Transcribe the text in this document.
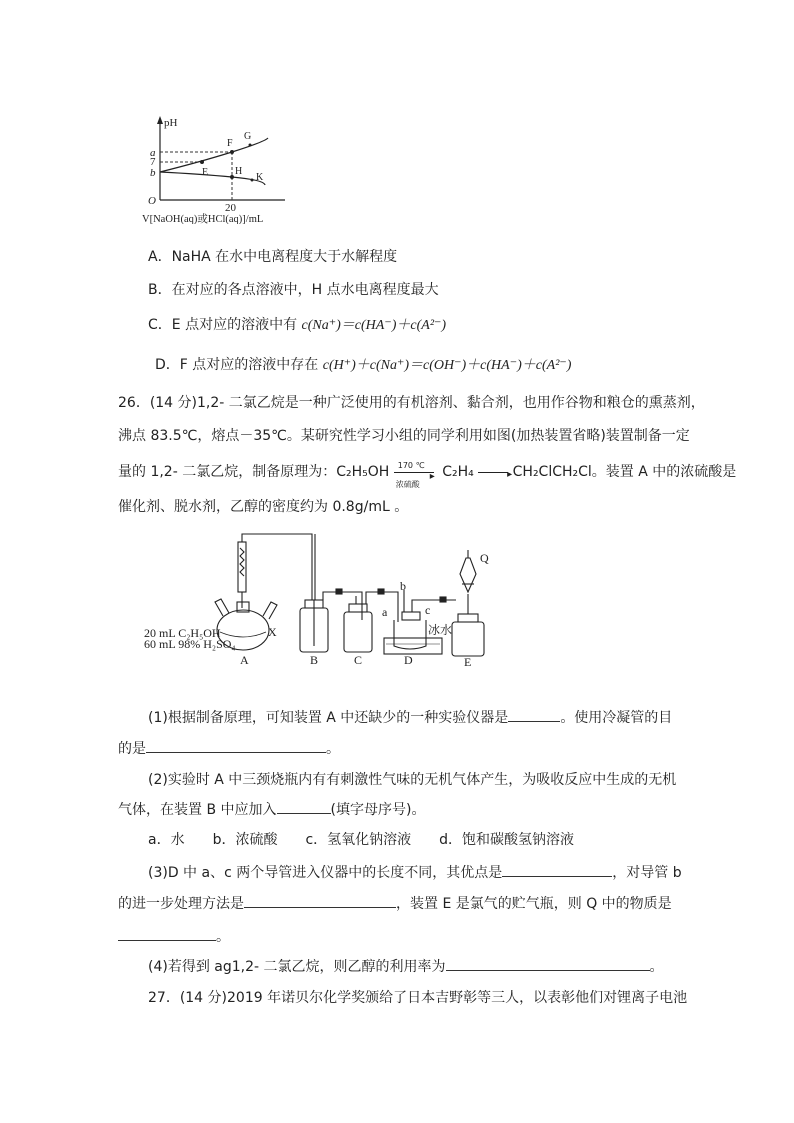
pH
a
7
b
O
20
E
F
G
H
K
V[NaOH(aq)或HCl(aq)]/mL
A．NaHA 在水中电离程度大于水解程度
B．在对应的各点溶液中，H 点水电离程度最大
C．E 点对应的溶液中有 c(Na⁺)＝c(HA⁻)＋c(A²⁻)
D．F 点对应的溶液中存在 c(H⁺)＋c(Na⁺)＝c(OH⁻)＋c(HA⁻)＋c(A²⁻)
26．(14 分)1,2- 二氯乙烷是一种广泛使用的有机溶剂、黏合剂，也用作谷物和粮仓的熏蒸剂，
沸点 83.5℃，熔点－35℃。某研究性学习小组的同学利用如图(加热装置省略)装置制备一定
量的 1,2- 二氯乙烷，制备原理为：C₂H₅OH 170 ℃
▸
浓硫酸
C₂H₄	▸ CH₂ClCH₂Cl。装置 A 中的浓硫酸是
催化剂、脱水剂，乙醇的密度约为 0.8g/mL 。
20 mL C₂H₅OH
60 mL 98% H₂SO₄
X
A	B	C	D	E
Q
a
b
c
冰水
(1)根据制备原理，可知装置 A 中还缺少的一种实验仪器是	。使用冷凝管的目
的是	。
(2)实验时 A 中三颈烧瓶内有有刺激性气味的无机气体产生，为吸收反应中生成的无机
气体，在装置 B 中应加入	(填字母序号)。
a．水　　b．浓硫酸　　c．氢氧化钠溶液　　d．饱和碳酸氢钠溶液
(3)D 中 a、c 两个导管进入仪器中的长度不同，其优点是	，对导管 b
的进一步处理方法是	，装置 E 是氯气的贮气瓶，则 Q 中的物质是
。
(4)若得到 ag1,2- 二氯乙烷，则乙醇的利用率为	。
27．(14 分)2019 年诺贝尔化学奖颁给了日本吉野彰等三人，以表彰他们对锂离子电池
